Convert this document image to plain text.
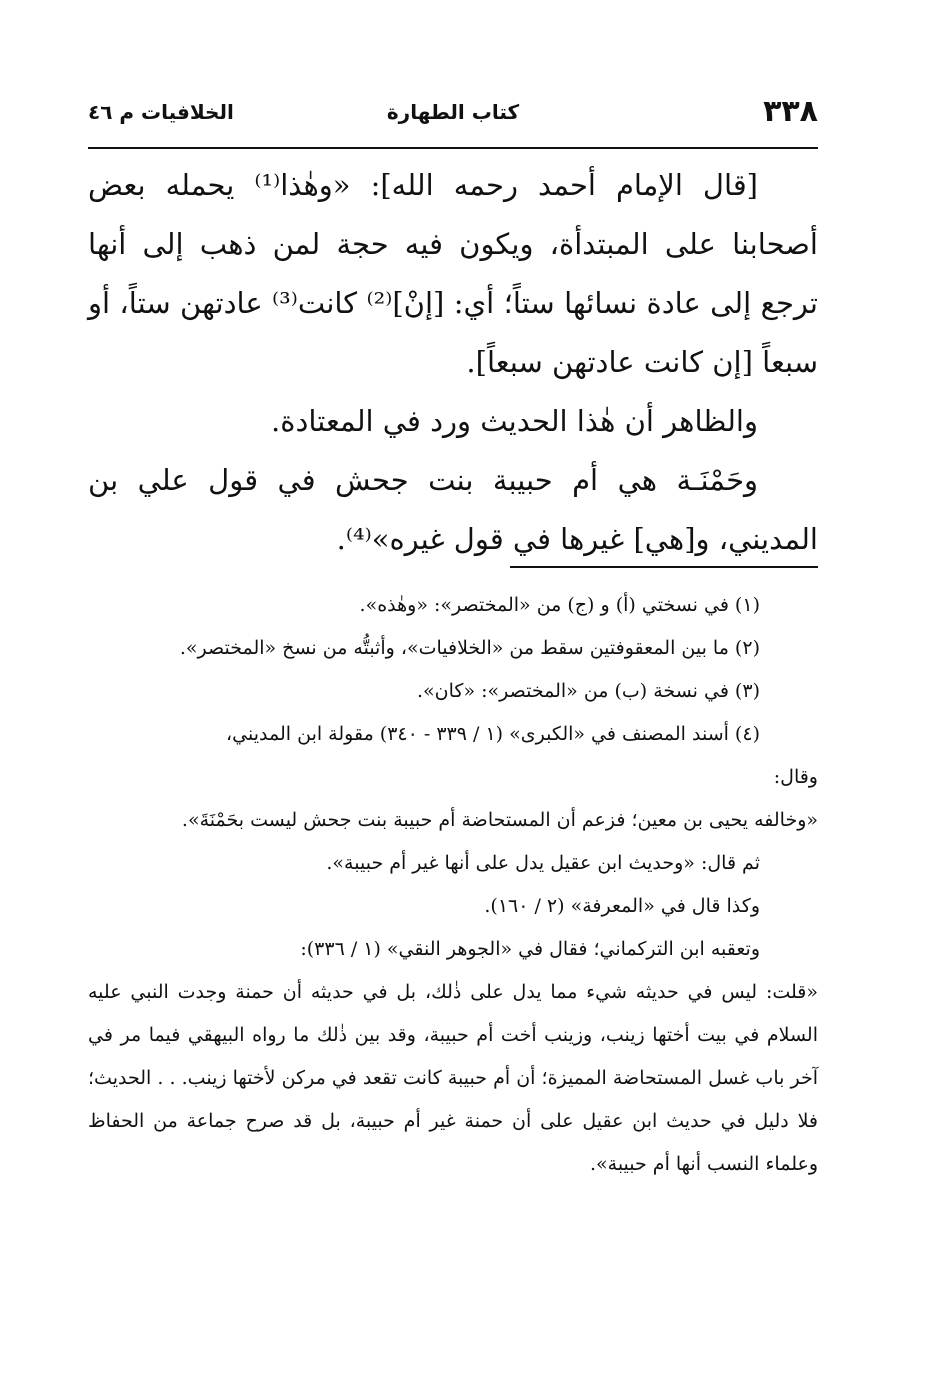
٣٣٨
كتاب الطهارة
الخلافيات م ٤٦

[قال الإمام أحمد رحمه الله]: «وهٰذا⁽¹⁾ يحمله بعض أصحابنا على المبتدأة، ويكون فيه حجة لمن ذهب إلى أنها ترجع إلى عادة نسائها ستاً؛ أي: [إنْ]⁽²⁾ كانت⁽³⁾ عادتهن ستاً، أو سبعاً [إن كانت عادتهن سبعاً].

والظاهر أن هٰذا الحديث ورد في المعتادة.

وحَمْنَـة هي أم حبيبة بنت جحش في قول علي بن المديني، و[هي] غيرها في قول غيره»⁽⁴⁾.

(١) في نسختي (أ) و (ج) من «المختصر»: «وهٰذه».

(٢) ما بين المعقوفتين سقط من «الخلافيات»، وأثبتُّه من نسخ «المختصر».

(٣) في نسخة (ب) من «المختصر»: «كان».

(٤) أسند المصنف في «الكبرى» (١ / ٣٣٩ - ٣٤٠) مقولة ابن المديني،

وقال:

«وخالفه يحيى بن معين؛ فزعم أن المستحاضة أم حبيبة بنت جحش ليست بحَمْنَةَ».

ثم قال: «وحديث ابن عقيل يدل على أنها غير أم حبيبة».

وكذا قال في «المعرفة» (٢ / ١٦٠).

وتعقبه ابن التركماني؛ فقال في «الجوهر النقي» (١ / ٣٣٦):

«قلت: ليس في حديثه شيء مما يدل على ذٰلك، بل في حديثه أن حمنة وجدت النبي عليه السلام في بيت أختها زينب، وزينب أخت أم حبيبة، وقد بين ذٰلك ما رواه البيهقي فيما مر في آخر باب غسل المستحاضة المميزة؛ أن أم حبيبة كانت تقعد في مركن لأختها زينب. . . الحديث؛ فلا دليل في حديث ابن عقيل على أن حمنة غير أم حبيبة، بل قد صرح جماعة من الحفاظ وعلماء النسب أنها أم حبيبة».
